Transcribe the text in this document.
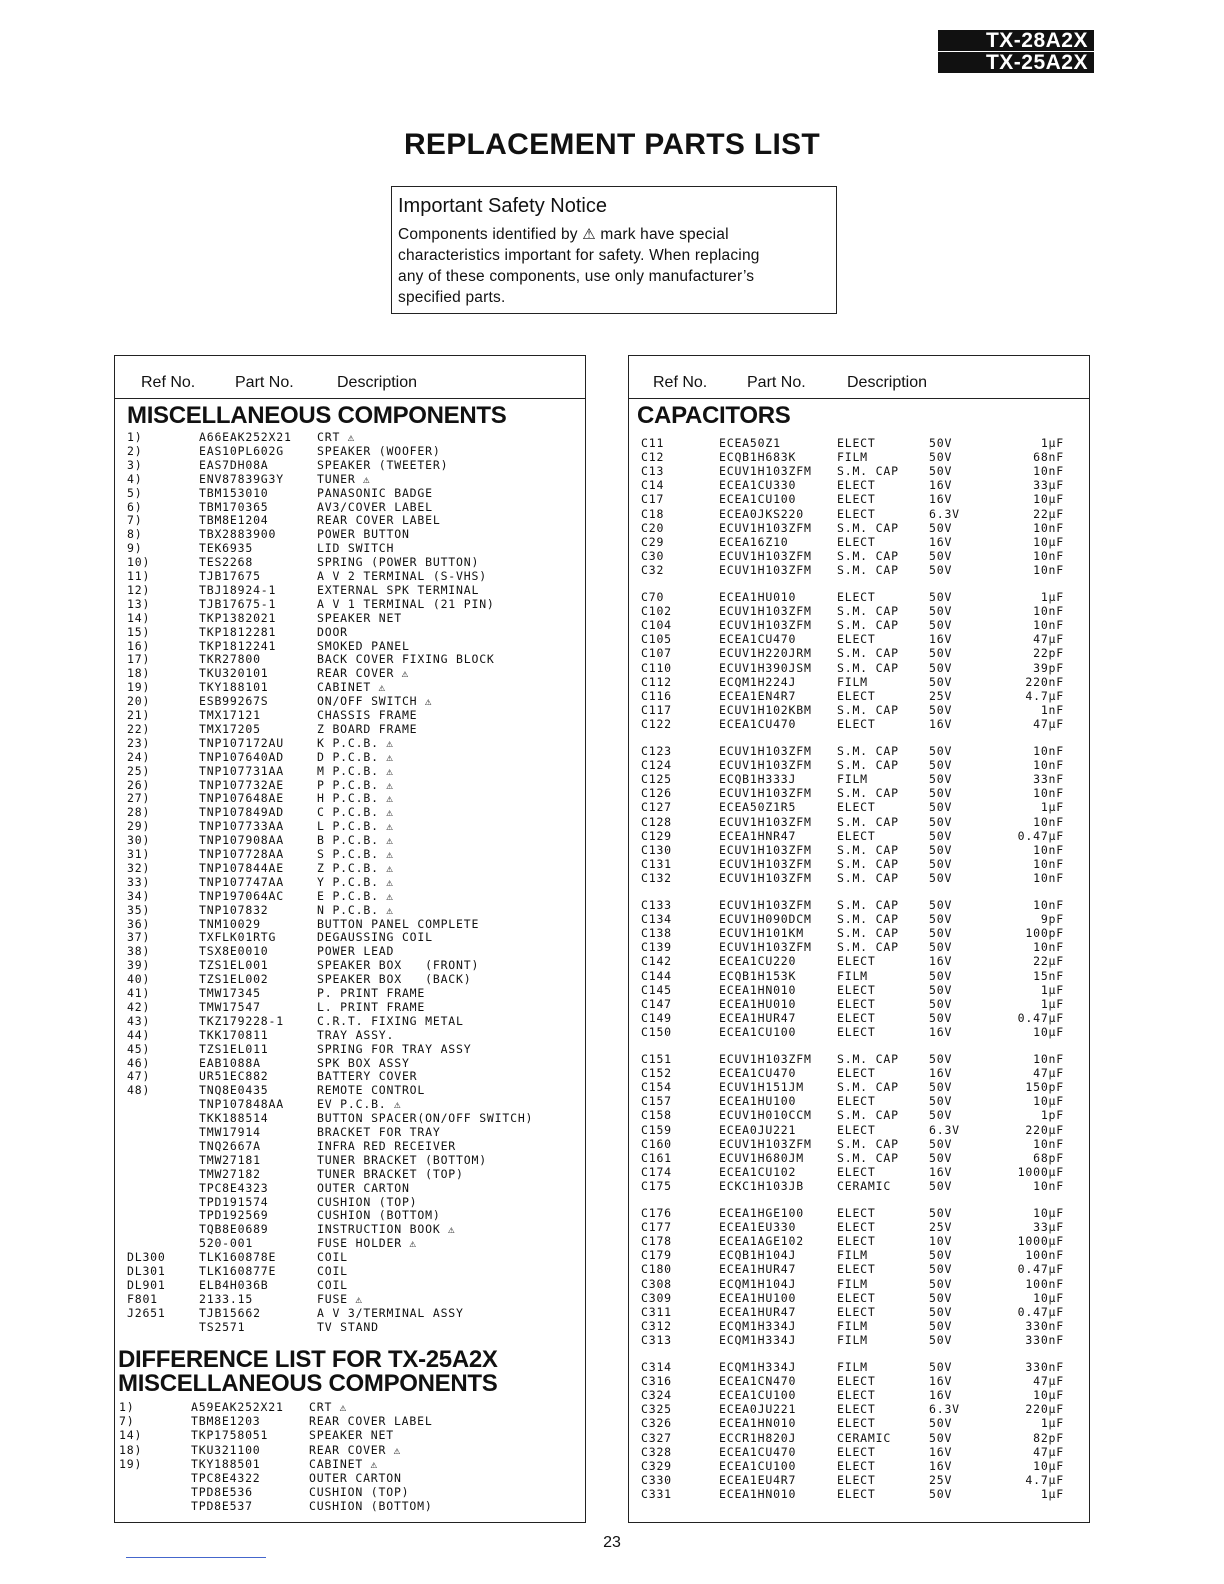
TX-28A2X
TX-25A2X
REPLACEMENT PARTS LIST
Important Safety Notice
Components identified by ⚠ mark have special
characteristics important for safety. When replacing
any of these components, use only manufacturer’s
specified parts.
Ref No. Part No.	Description
MISCELLANEOUS COMPONENTS
1)	A66EAK252X21 CRT ⚠
2)	EAS10PL602G	SPEAKER (WOOFER)
3)	EAS7DH08A	SPEAKER (TWEETER)
4)	ENV87839G3Y	TUNER ⚠
5)	TBM153010	PANASONIC BADGE
6)	TBM170365	AV3/COVER LABEL
7)	TBM8E1204	REAR COVER LABEL
8)	TBX2883900	POWER BUTTON
9)	TEK6935	LID SWITCH
10)	TES2268	SPRING (POWER BUTTON)
11)	TJB17675	A V 2 TERMINAL (S-VHS)
12)	TBJ18924-1	EXTERNAL SPK TERMINAL
13)	TJB17675-1	A V 1 TERMINAL (21 PIN)
14)	TKP1382021	SPEAKER NET
15)	TKP1812281	DOOR
16)	TKP1812241	SMOKED PANEL
17)	TKR27800	BACK COVER FIXING BLOCK
18)	TKU320101	REAR COVER ⚠
19)	TKY188101	CABINET ⚠
20)	ESB99267S	ON/OFF SWITCH ⚠
21)	TMX17121	CHASSIS FRAME
22)	TMX17205	Z BOARD FRAME
23)	TNP107172AU	K P.C.B. ⚠
24)	TNP107640AD	D P.C.B. ⚠
25)	TNP107731AA	M P.C.B. ⚠
26)	TNP107732AE	P P.C.B. ⚠
27)	TNP107648AE	H P.C.B. ⚠
28)	TNP107849AD	C P.C.B. ⚠
29)	TNP107733AA	L P.C.B. ⚠
30)	TNP107908AA	B P.C.B. ⚠
31)	TNP107728AA	S P.C.B. ⚠
32)	TNP107844AE	Z P.C.B. ⚠
33)	TNP107747AA	Y P.C.B. ⚠
34)	TNP197064AC	E P.C.B. ⚠
35)	TNP107832	N P.C.B. ⚠
36)	TNM10029	BUTTON PANEL COMPLETE
37)	TXFLK01RTG	DEGAUSSING COIL
38)	TSX8E0010	POWER LEAD
39)	TZS1EL001	SPEAKER BOX   (FRONT)
40)	TZS1EL002	SPEAKER BOX   (BACK)
41)	TMW17345	P. PRINT FRAME
42)	TMW17547	L. PRINT FRAME
43)	TKZ179228-1	C.R.T. FIXING METAL
44)	TKK170811	TRAY ASSY.
45)	TZS1EL011	SPRING FOR TRAY ASSY
46)	EAB1088A	SPK BOX ASSY
47)	UR51EC882	BATTERY COVER
48)	TNQ8E0435	REMOTE CONTROL
TNP107848AA	EV P.C.B. ⚠
TKK188514	BUTTON SPACER(ON/OFF SWITCH)
TMW17914	BRACKET FOR TRAY
TNQ2667A	INFRA RED RECEIVER
TMW27181	TUNER BRACKET (BOTTOM)
TMW27182	TUNER BRACKET (TOP)
TPC8E4323	OUTER CARTON
TPD191574	CUSHION (TOP)
TPD192569	CUSHION (BOTTOM)
TQB8E0689	INSTRUCTION BOOK ⚠
520-001	FUSE HOLDER ⚠
DL300	TLK160878E	COIL
DL301	TLK160877E	COIL
DL901	ELB4H036B	COIL
F801	2133.15	FUSE ⚠
J2651	TJB15662	A V 3/TERMINAL ASSY
TS2571	TV STAND
DIFFERENCE LIST FOR TX-25A2X
MISCELLANEOUS COMPONENTS
1)	A59EAK252X21 CRT ⚠
7)	TBM8E1203	REAR COVER LABEL
14)	TKP1758051	SPEAKER NET
18)	TKU321100	REAR COVER ⚠
19)	TKY188501	CABINET ⚠
TPC8E4322	OUTER CARTON
TPD8E536	CUSHION (TOP)
TPD8E537	CUSHION (BOTTOM)
Ref No. Part No.	Description
CAPACITORS
C11	ECEA50Z1	ELECT	50V	1µF
C12	ECQB1H683K	FILM	50V	68nF
C13	ECUV1H103ZFM S.M. CAP	50V	10nF
C14	ECEA1CU330	ELECT	16V	33µF
C17	ECEA1CU100	ELECT	16V	10µF
C18	ECEA0JKS220	ELECT	6.3V	22µF
C20	ECUV1H103ZFM S.M. CAP	50V	10nF
C29	ECEA16Z10	ELECT	16V	10µF
C30	ECUV1H103ZFM S.M. CAP	50V	10nF
C32	ECUV1H103ZFM S.M. CAP	50V	10nF
C70	ECEA1HU010	ELECT	50V	1µF
C102	ECUV1H103ZFM S.M. CAP	50V	10nF
C104	ECUV1H103ZFM S.M. CAP	50V	10nF
C105	ECEA1CU470	ELECT	16V	47µF
C107	ECUV1H220JRM S.M. CAP	50V	22pF
C110	ECUV1H390JSM S.M. CAP	50V	39pF
C112	ECQM1H224J	FILM	50V	220nF
C116	ECEA1EN4R7	ELECT	25V	4.7µF
C117	ECUV1H102KBM S.M. CAP	50V	1nF
C122	ECEA1CU470	ELECT	16V	47µF
C123	ECUV1H103ZFM S.M. CAP	50V	10nF
C124	ECUV1H103ZFM S.M. CAP	50V	10nF
C125	ECQB1H333J	FILM	50V	33nF
C126	ECUV1H103ZFM S.M. CAP	50V	10nF
C127	ECEA50Z1R5	ELECT	50V	1µF
C128	ECUV1H103ZFM S.M. CAP	50V	10nF
C129	ECEA1HNR47	ELECT	50V	0.47µF
C130	ECUV1H103ZFM S.M. CAP	50V	10nF
C131	ECUV1H103ZFM S.M. CAP	50V	10nF
C132	ECUV1H103ZFM S.M. CAP	50V	10nF
C133	ECUV1H103ZFM S.M. CAP	50V	10nF
C134	ECUV1H090DCM S.M. CAP	50V	9pF
C138	ECUV1H101KM	S.M. CAP	50V	100pF
C139	ECUV1H103ZFM S.M. CAP	50V	10nF
C142	ECEA1CU220	ELECT	16V	22µF
C144	ECQB1H153K	FILM	50V	15nF
C145	ECEA1HN010	ELECT	50V	1µF
C147	ECEA1HU010	ELECT	50V	1µF
C149	ECEA1HUR47	ELECT	50V	0.47µF
C150	ECEA1CU100	ELECT	16V	10µF
C151	ECUV1H103ZFM S.M. CAP	50V	10nF
C152	ECEA1CU470	ELECT	16V	47µF
C154	ECUV1H151JM	S.M. CAP	50V	150pF
C157	ECEA1HU100	ELECT	50V	10µF
C158	ECUV1H010CCM S.M. CAP	50V	1pF
C159	ECEA0JU221	ELECT	6.3V	220µF
C160	ECUV1H103ZFM S.M. CAP	50V	10nF
C161	ECUV1H680JM	S.M. CAP	50V	68pF
C174	ECEA1CU102	ELECT	16V	1000µF
C175	ECKC1H103JB	CERAMIC	50V	10nF
C176	ECEA1HGE100	ELECT	50V	10µF
C177	ECEA1EU330	ELECT	25V	33µF
C178	ECEA1AGE102	ELECT	10V	1000µF
C179	ECQB1H104J	FILM	50V	100nF
C180	ECEA1HUR47	ELECT	50V	0.47µF
C308	ECQM1H104J	FILM	50V	100nF
C309	ECEA1HU100	ELECT	50V	10µF
C311	ECEA1HUR47	ELECT	50V	0.47µF
C312	ECQM1H334J	FILM	50V	330nF
C313	ECQM1H334J	FILM	50V	330nF
C314	ECQM1H334J	FILM	50V	330nF
C316	ECEA1CN470	ELECT	16V	47µF
C324	ECEA1CU100	ELECT	16V	10µF
C325	ECEA0JU221	ELECT	6.3V	220µF
C326	ECEA1HN010	ELECT	50V	1µF
C327	ECCR1H820J	CERAMIC	50V	82pF
C328	ECEA1CU470	ELECT	16V	47µF
C329	ECEA1CU100	ELECT	16V	10µF
C330	ECEA1EU4R7	ELECT	25V	4.7µF
C331	ECEA1HN010	ELECT	50V	1µF
23
